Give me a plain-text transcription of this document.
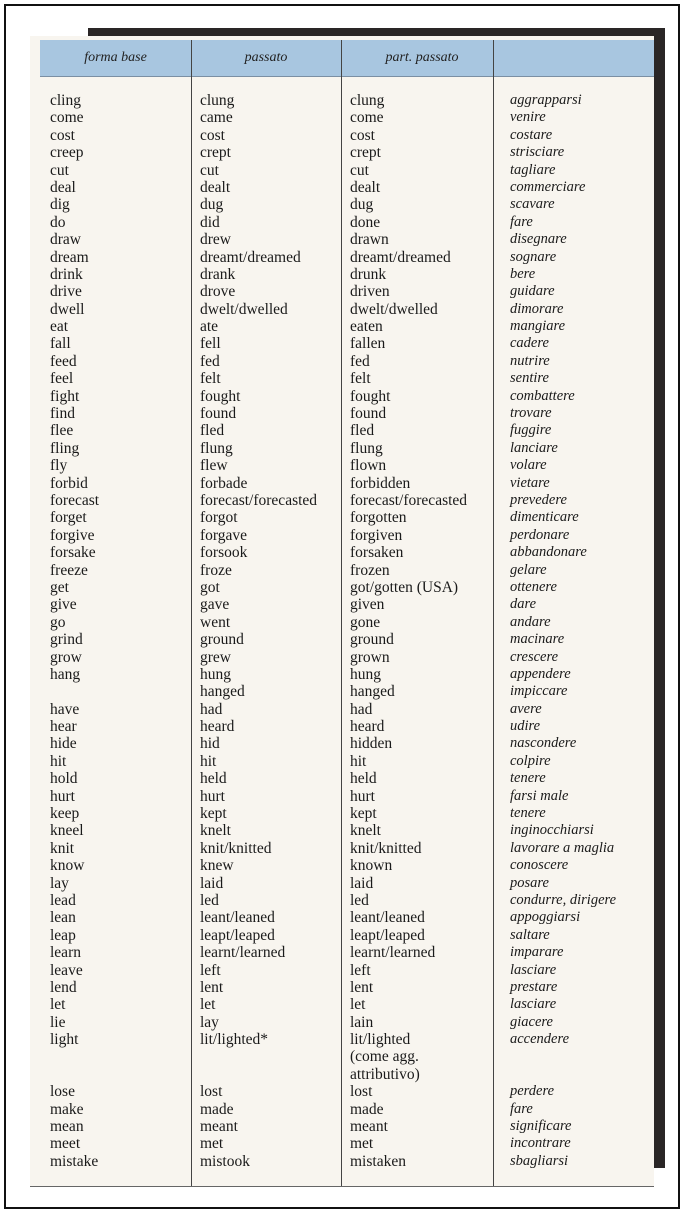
forma base	passato	part. passato
cling
come
cost
creep
cut
deal
dig
do
draw
dream
drink
drive
dwell
eat
fall
feed
feel
fight
find
flee
fling
fly
forbid
forecast
forget
forgive
forsake
freeze
get
give
go
grind
grow
hang
have
hear
hide
hit
hold
hurt
keep
kneel
knit
know
lay
lead
lean
leap
learn
leave
lend
let
lie
light
lose
make
mean
meet
mistake
clung
came
cost
crept
cut
dealt
dug
did
drew
dreamt/dreamed
drank
drove
dwelt/dwelled
ate
fell
fed
felt
fought
found
fled
flung
flew
forbade
forecast/forecasted
forgot
forgave
forsook
froze
got
gave
went
ground
grew
hung
hanged
had
heard
hid
hit
held
hurt
kept
knelt
knit/knitted
knew
laid
led
leant/leaned
leapt/leaped
learnt/learned
left
lent
let
lay
lit/lighted*
lost
made
meant
met
mistook
clung
come
cost
crept
cut
dealt
dug
done
drawn
dreamt/dreamed
drunk
driven
dwelt/dwelled
eaten
fallen
fed
felt
fought
found
fled
flung
flown
forbidden
forecast/forecasted
forgotten
forgiven
forsaken
frozen
got/gotten (USA)
given
gone
ground
grown
hung
hanged
had
heard
hidden
hit
held
hurt
kept
knelt
knit/knitted
known
laid
led
leant/leaned
leapt/leaped
learnt/learned
left
lent
let
lain
lit/lighted
(come agg.
attributivo)
lost
made
meant
met
mistaken
aggrapparsi
venire
costare
strisciare
tagliare
commerciare
scavare
fare
disegnare
sognare
bere
guidare
dimorare
mangiare
cadere
nutrire
sentire
combattere
trovare
fuggire
lanciare
volare
vietare
prevedere
dimenticare
perdonare
abbandonare
gelare
ottenere
dare
andare
macinare
crescere
appendere
impiccare
avere
udire
nascondere
colpire
tenere
farsi male
tenere
inginocchiarsi
lavorare a maglia
conoscere
posare
condurre, dirigere
appoggiarsi
saltare
imparare
lasciare
prestare
lasciare
giacere
accendere
perdere
fare
significare
incontrare
sbagliarsi
